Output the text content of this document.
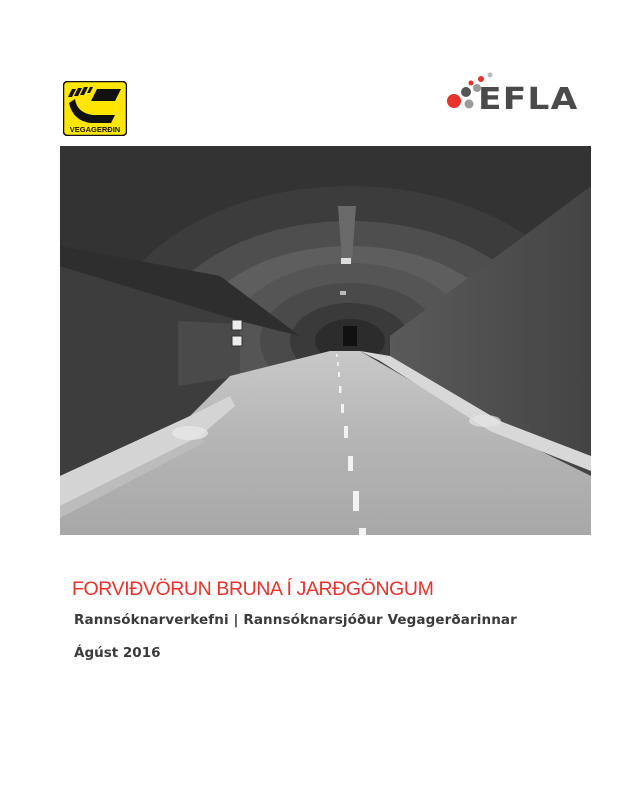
VEGAGERÐIN
EFLA
FORVIÐVÖRUN BRUNA Í JARÐGÖNGUM
Rannsóknarverkefni | Rannsóknarsjóður Vegagerðarinnar
Ágúst 2016
